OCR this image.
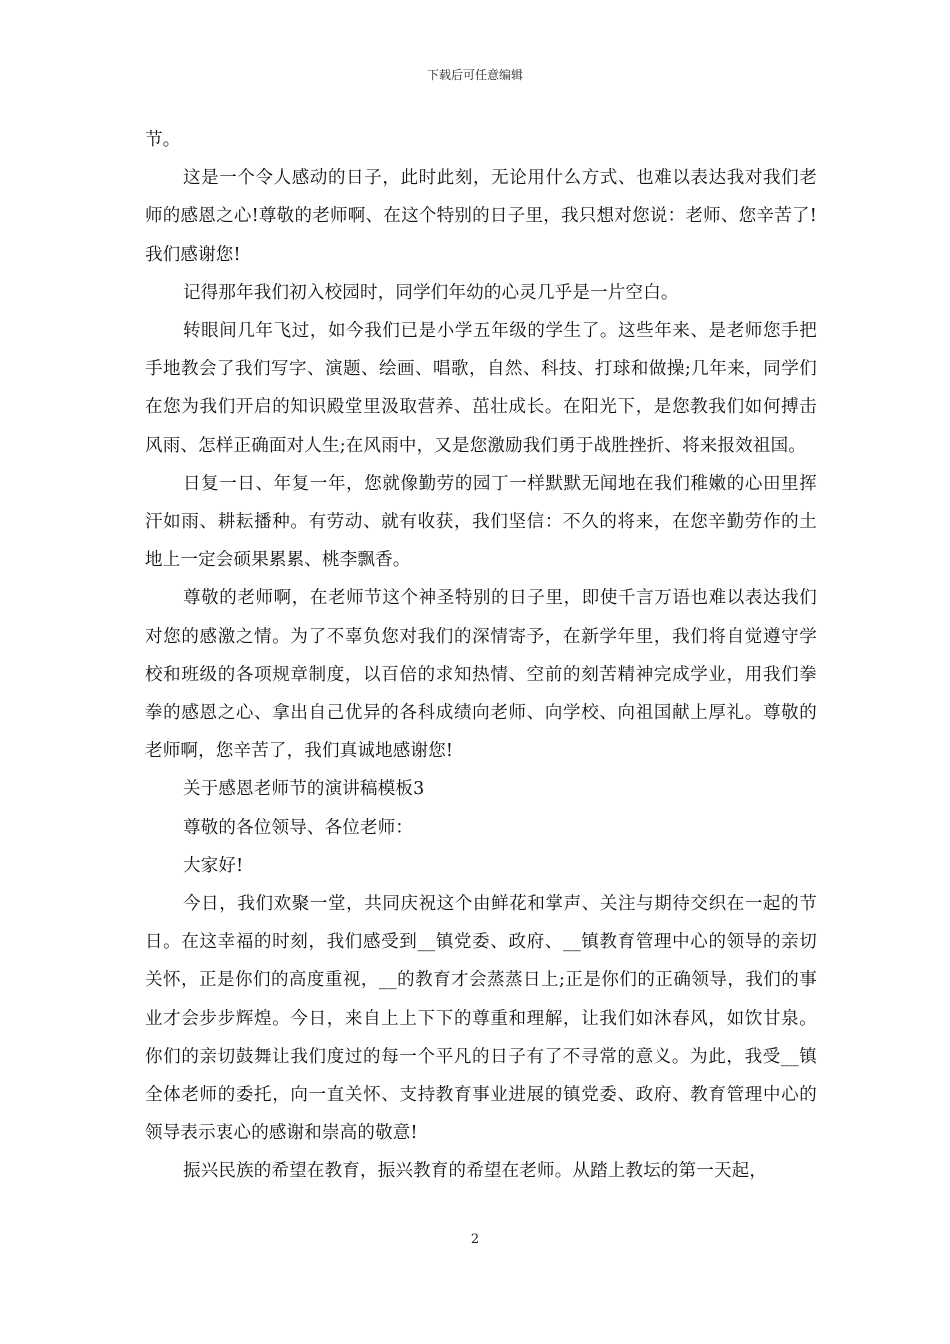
下载后可任意编辑

节。

这是一个令人感动的日子，此时此刻，无论用什么方式、也难以表达我对我们老师的感恩之心!尊敬的老师啊、在这个特别的日子里，我只想对您说：老师、您辛苦了!我们感谢您!

记得那年我们初入校园时，同学们年幼的心灵几乎是一片空白。

转眼间几年飞过，如今我们已是小学五年级的学生了。这些年来、是老师您手把手地教会了我们写字、演题、绘画、唱歌，自然、科技、打球和做操;几年来，同学们在您为我们开启的知识殿堂里汲取营养、茁壮成长。在阳光下，是您教我们如何搏击风雨、怎样正确面对人生;在风雨中，又是您激励我们勇于战胜挫折、将来报效祖国。

日复一日、年复一年，您就像勤劳的园丁一样默默无闻地在我们稚嫩的心田里挥汗如雨、耕耘播种。有劳动、就有收获，我们坚信：不久的将来，在您辛勤劳作的土地上一定会硕果累累、桃李飘香。

尊敬的老师啊，在老师节这个神圣特别的日子里，即使千言万语也难以表达我们对您的感激之情。为了不辜负您对我们的深情寄予，在新学年里，我们将自觉遵守学校和班级的各项规章制度，以百倍的求知热情、空前的刻苦精神完成学业，用我们拳拳的感恩之心、拿出自己优异的各科成绩向老师、向学校、向祖国献上厚礼。尊敬的老师啊，您辛苦了，我们真诚地感谢您!

关于感恩老师节的演讲稿模板3

尊敬的各位领导、各位老师：

大家好!

今日，我们欢聚一堂，共同庆祝这个由鲜花和掌声、关注与期待交织在一起的节日。在这幸福的时刻，我们感受到__镇党委、政府、__镇教育管理中心的领导的亲切关怀，正是你们的高度重视，__的教育才会蒸蒸日上;正是你们的正确领导，我们的事业才会步步辉煌。今日，来自上上下下的尊重和理解，让我们如沐春风，如饮甘泉。你们的亲切鼓舞让我们度过的每一个平凡的日子有了不寻常的意义。为此，我受__镇全体老师的委托，向一直关怀、支持教育事业进展的镇党委、政府、教育管理中心的领导表示衷心的感谢和崇高的敬意!

振兴民族的希望在教育，振兴教育的希望在老师。从踏上教坛的第一天起，

2
